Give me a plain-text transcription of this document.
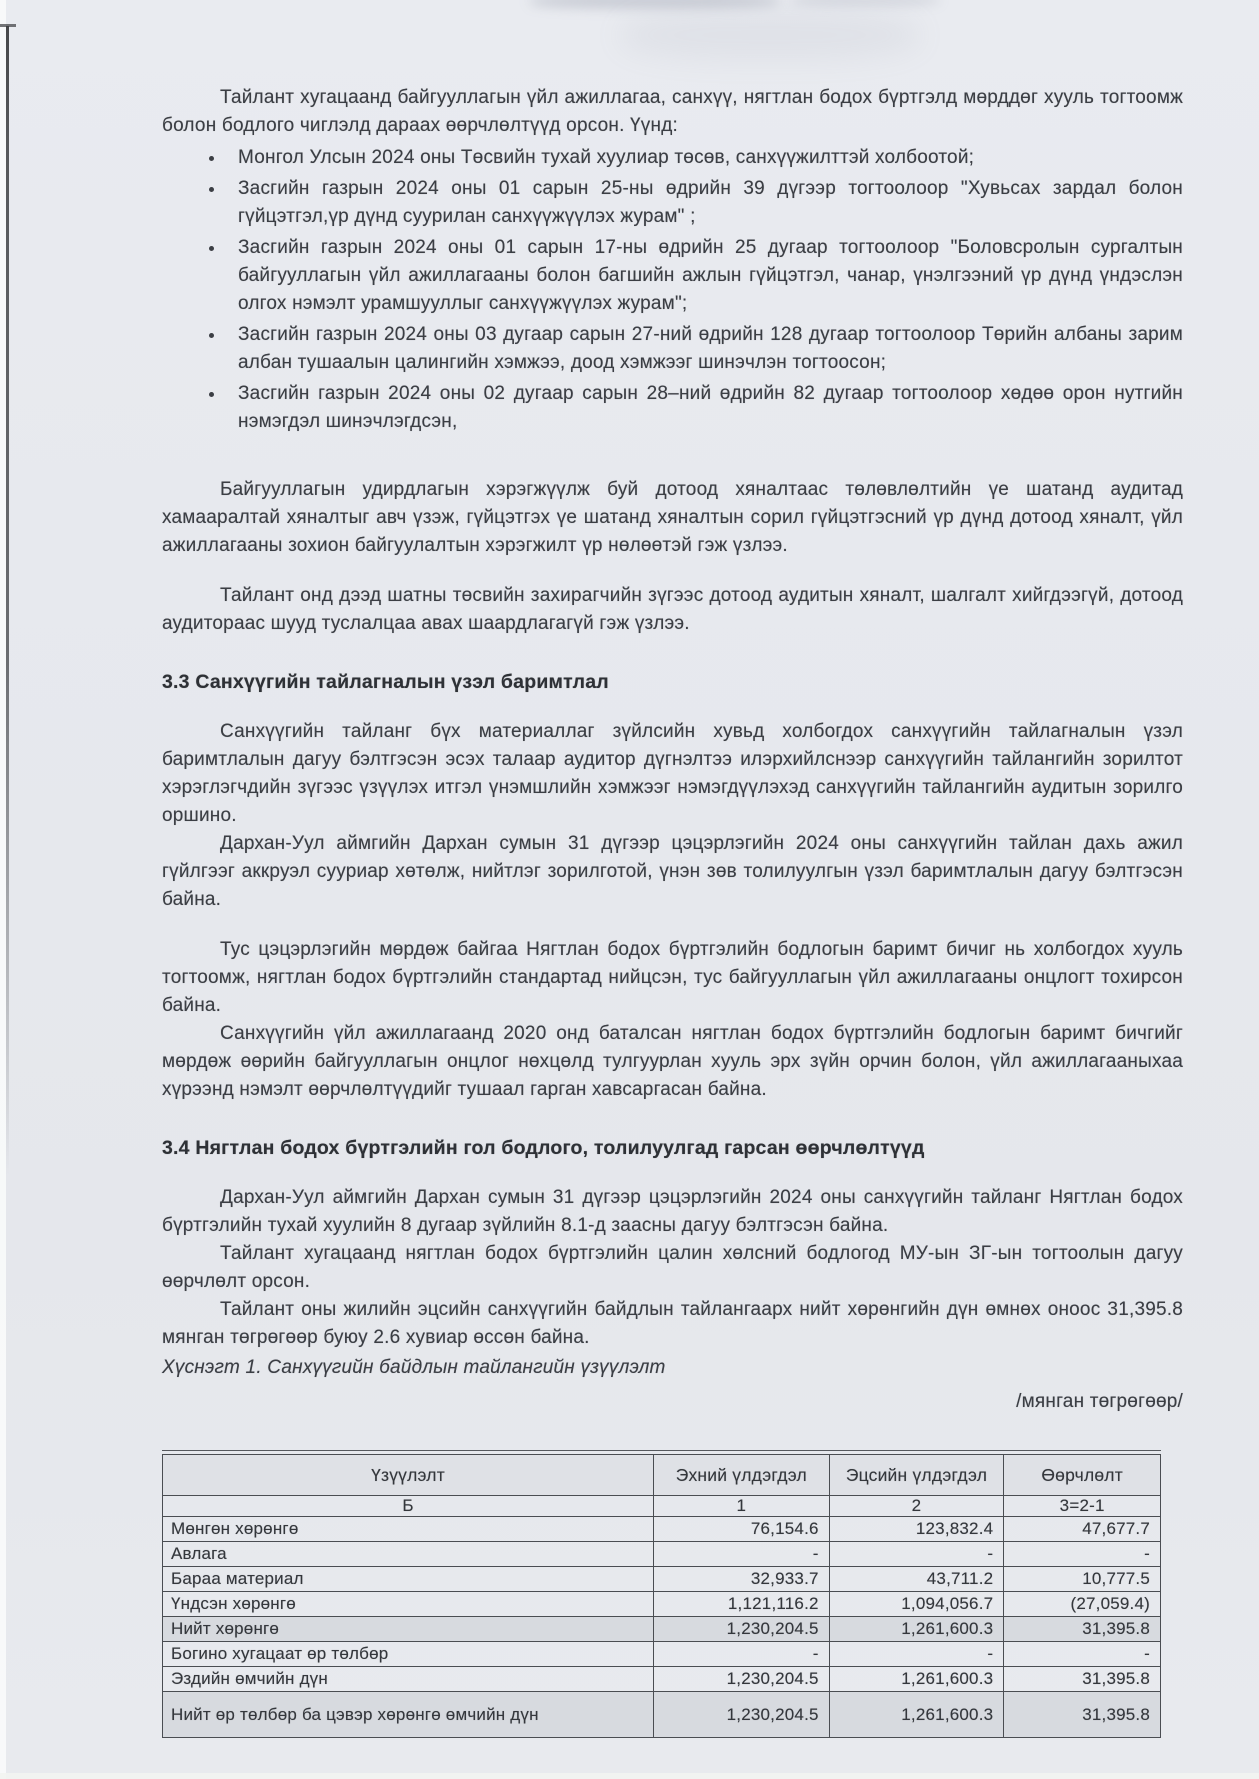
Тайлант хугацаанд байгууллагын үйл ажиллагаа, санхүү, нягтлан бодох бүртгэлд мөрддөг хууль тогтоомж болон бодлого чиглэлд дараах өөрчлөлтүүд орсон. Үүнд:

• Монгол Улсын 2024 оны Төсвийн тухай хуулиар төсөв, санхүүжилттэй холбоотой;
• Засгийн газрын 2024 оны 01 сарын 25-ны өдрийн 39 дүгээр тогтоолоор "Хувьсах зардал болон гүйцэтгэл,үр дүнд суурилан санхүүжүүлэх журам" ;
• Засгийн газрын 2024 оны 01 сарын 17-ны өдрийн 25 дугаар тогтоолоор "Боловсролын сургалтын байгууллагын үйл ажиллагааны болон багшийн ажлын гүйцэтгэл, чанар, үнэлгээний үр дүнд үндэслэн олгох нэмэлт урамшууллыг санхүүжүүлэх журам";
• Засгийн газрын 2024 оны 03 дугаар сарын 27-ний өдрийн 128 дугаар тогтоолоор Төрийн албаны зарим албан тушаалын цалингийн хэмжээ, доод хэмжээг шинэчлэн тогтоосон;
• Засгийн газрын 2024 оны 02 дугаар сарын 28–ний өдрийн 82 дугаар тогтоолоор хөдөө орон нутгийн нэмэгдэл шинэчлэгдсэн,

Байгууллагын удирдлагын хэрэгжүүлж буй дотоод хяналтаас төлөвлөлтийн үе шатанд аудитад хамааралтай хяналтыг авч үзэж, гүйцэтгэх үе шатанд хяналтын сорил гүйцэтгэсний үр дүнд дотоод хяналт, үйл ажиллагааны зохион байгуулалтын хэрэгжилт үр нөлөөтэй гэж үзлээ.

Тайлант онд дээд шатны төсвийн захирагчийн зүгээс дотоод аудитын хяналт, шалгалт хийгдээгүй, дотоод аудитораас шууд туслалцаа авах шаардлагагүй гэж үзлээ.

3.3 Санхүүгийн тайлагналын үзэл баримтлал

Санхүүгийн тайланг бүх материаллаг зүйлсийн хувьд холбогдох санхүүгийн тайлагналын үзэл баримтлалын дагуу бэлтгэсэн эсэх талаар аудитор дүгнэлтээ илэрхийлснээр санхүүгийн тайлангийн зорилтот хэрэглэгчдийн зүгээс үзүүлэх итгэл үнэмшлийн хэмжээг нэмэгдүүлэхэд санхүүгийн тайлангийн аудитын зорилго оршино.

Дархан-Уул аймгийн Дархан сумын 31 дүгээр цэцэрлэгийн 2024 оны санхүүгийн тайлан дахь ажил гүйлгээг аккруэл сууриар хөтөлж, нийтлэг зорилготой, үнэн зөв толилуулгын үзэл баримтлалын дагуу бэлтгэсэн байна.

Тус цэцэрлэгийн мөрдөж байгаа Нягтлан бодох бүртгэлийн бодлогын баримт бичиг нь холбогдох хууль тогтоомж, нягтлан бодох бүртгэлийн стандартад нийцсэн, тус байгууллагын үйл ажиллагааны онцлогт тохирсон байна.

Санхүүгийн үйл ажиллагаанд 2020 онд баталсан нягтлан бодох бүртгэлийн бодлогын баримт бичгийг мөрдөж өөрийн байгууллагын онцлог нөхцөлд тулгуурлан хууль эрх зүйн орчин болон, үйл ажиллагааныхаа хүрээнд нэмэлт өөрчлөлтүүдийг тушаал гарган хавсаргасан байна.

3.4 Нягтлан бодох бүртгэлийн гол бодлого, толилуулгад гарсан өөрчлөлтүүд

Дархан-Уул аймгийн Дархан сумын 31 дүгээр цэцэрлэгийн 2024 оны санхүүгийн тайланг Нягтлан бодох бүртгэлийн тухай хуулийн 8 дугаар зүйлийн 8.1-д заасны дагуу бэлтгэсэн байна.

Тайлант хугацаанд нягтлан бодох бүртгэлийн цалин хөлсний бодлогод МУ-ын ЗГ-ын тогтоолын дагуу өөрчлөлт орсон.

Тайлант оны жилийн эцсийн санхүүгийн байдлын тайлангаарх нийт хөрөнгийн дүн өмнөх оноос 31,395.8 мянган төгрөгөөр буюу 2.6 хувиар өссөн байна.

Хүснэгт 1. Санхүүгийн байдлын тайлангийн үзүүлэлт

/мянган төгрөгөөр/

Үзүүлэлт	Эхний үлдэгдэл	Эцсийн үлдэгдэл	Өөрчлөлт
Б	1	2	3=2-1
Мөнгөн хөрөнгө	76,154.6	123,832.4	47,677.7
Авлага	-	-	-
Бараа материал	32,933.7	43,711.2	10,777.5
Үндсэн хөрөнгө	1,121,116.2	1,094,056.7	(27,059.4)
Нийт хөрөнгө	1,230,204.5	1,261,600.3	31,395.8
Богино хугацаат өр төлбөр	-	-	-
Эздийн өмчийн дүн	1,230,204.5	1,261,600.3	31,395.8
Нийт өр төлбөр ба цэвэр хөрөнгө өмчийн дүн	1,230,204.5	1,261,600.3	31,395.8
